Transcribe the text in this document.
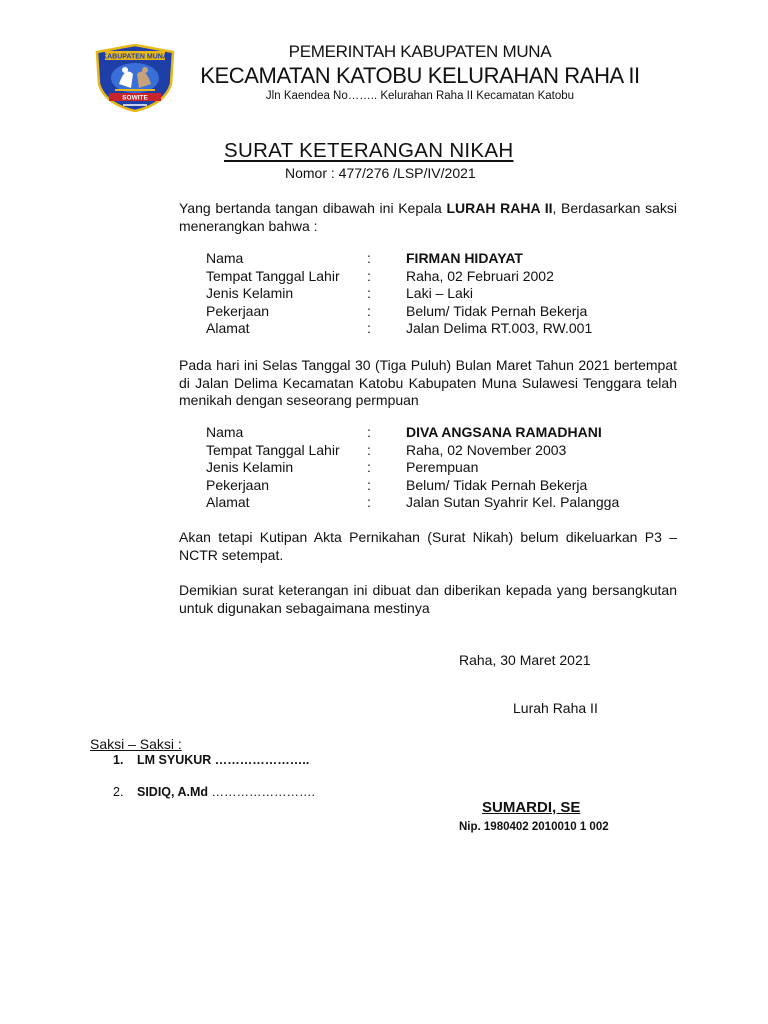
KABUPATEN MUNA
SOWITE
PEMERINTAH KABUPATEN MUNA
KECAMATAN KATOBU KELURAHAN RAHA II
Jln Kaendea No…….. Kelurahan Raha II Kecamatan Katobu
SURAT KETERANGAN NIKAH
Nomor : 477/276 /LSP/IV/2021
Yang bertanda tangan dibawah ini Kepala LURAH RAHA II, Berdasarkan saksi menerangkan bahwa :
Nama	:	FIRMAN HIDAYAT
Tempat Tanggal Lahir :	Raha, 02 Februari 2002
Jenis Kelamin	:	Laki – Laki
Pekerjaan	:	Belum/ Tidak Pernah Bekerja
Alamat	:	Jalan Delima RT.003, RW.001
Pada hari ini Selas Tanggal 30 (Tiga Puluh) Bulan Maret Tahun 2021 bertempat di Jalan Delima Kecamatan Katobu Kabupaten Muna Sulawesi Tenggara telah menikah dengan seseorang permpuan
Nama	:	DIVA ANGSANA RAMADHANI
Tempat Tanggal Lahir :	Raha, 02 November 2003
Jenis Kelamin	:	Perempuan
Pekerjaan	:	Belum/ Tidak Pernah Bekerja
Alamat	:	Jalan Sutan Syahrir Kel. Palangga
Akan tetapi Kutipan Akta Pernikahan (Surat Nikah) belum dikeluarkan P3 – NCTR setempat.
Demikian surat keterangan ini dibuat dan diberikan kepada yang bersangkutan untuk digunakan sebagaimana mestinya
Raha, 30 Maret 2021
Lurah Raha II
Saksi – Saksi :
1. LM SYUKUR …………………..
2. SIDIQ, A.Md …………………….
SUMARDI, SE
Nip. 1980402 2010010 1 002
